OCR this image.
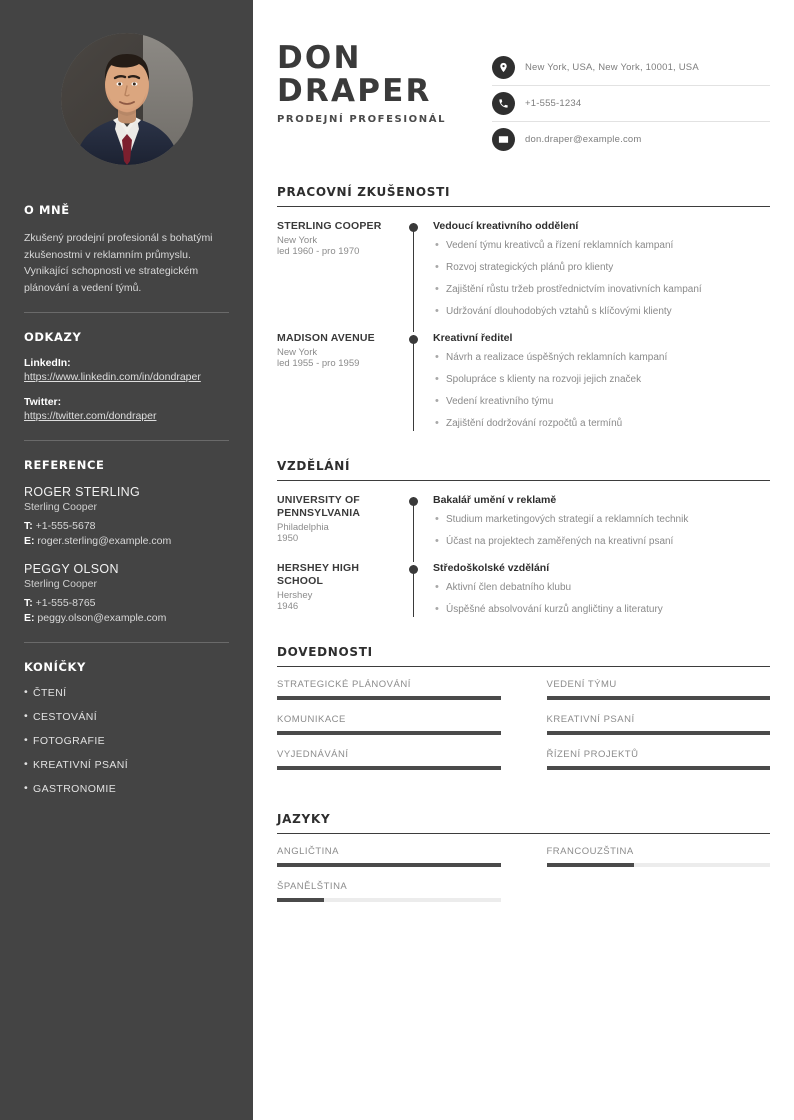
O MNĚ
Zkušený prodejní profesionál s bohatými zkušenostmi v reklamním průmyslu. Vynikající schopnosti ve strategickém plánování a vedení týmů.
ODKAZY
LinkedIn:
https://www.linkedin.com/in/dondraper
Twitter:
https://twitter.com/dondraper
REFERENCE
ROGER STERLING
Sterling Cooper
T: +1-555-5678
E: roger.sterling@example.com
PEGGY OLSON
Sterling Cooper
T: +1-555-8765
E: peggy.olson@example.com
KONÍČKY
• ČTENÍ
• CESTOVÁNÍ
• FOTOGRAFIE
• KREATIVNÍ PSANÍ
• GASTRONOMIE
DON
DRAPER
PRODEJNÍ PROFESIONÁL
New York, USA, New York, 10001, USA
+1-555-1234
don.draper@example.com
PRACOVNÍ ZKUŠENOSTI
STERLING COOPER
New York
led 1960 - pro 1970
Vedoucí kreativního oddělení
• Vedení týmu kreativců a řízení reklamních kampaní
• Rozvoj strategických plánů pro klienty
• Zajištění růstu tržeb prostřednictvím inovativních kampaní
• Udržování dlouhodobých vztahů s klíčovými klienty
MADISON AVENUE
New York
led 1955 - pro 1959
Kreativní ředitel
• Návrh a realizace úspěšných reklamních kampaní
• Spolupráce s klienty na rozvoji jejich značek
• Vedení kreativního týmu
• Zajištění dodržování rozpočtů a termínů
VZDĚLÁNÍ
UNIVERSITY OF PENNSYLVANIA
Philadelphia
1950
Bakalář umění v reklamě
• Studium marketingových strategií a reklamních technik
• Účast na projektech zaměřených na kreativní psaní
HERSHEY HIGH SCHOOL
Hershey
1946
Středoškolské vzdělání
• Aktivní člen debatního klubu
• Úspěšné absolvování kurzů angličtiny a literatury
DOVEDNOSTI
STRATEGICKÉ PLÁNOVÁNÍ	VEDENÍ TÝMU
KOMUNIKACE	KREATIVNÍ PSANÍ
VYJEDNÁVÁNÍ	ŘÍZENÍ PROJEKTŮ
JAZYKY
ANGLIČTINA	FRANCOUZŠTINA
ŠPANĚLŠTINA
